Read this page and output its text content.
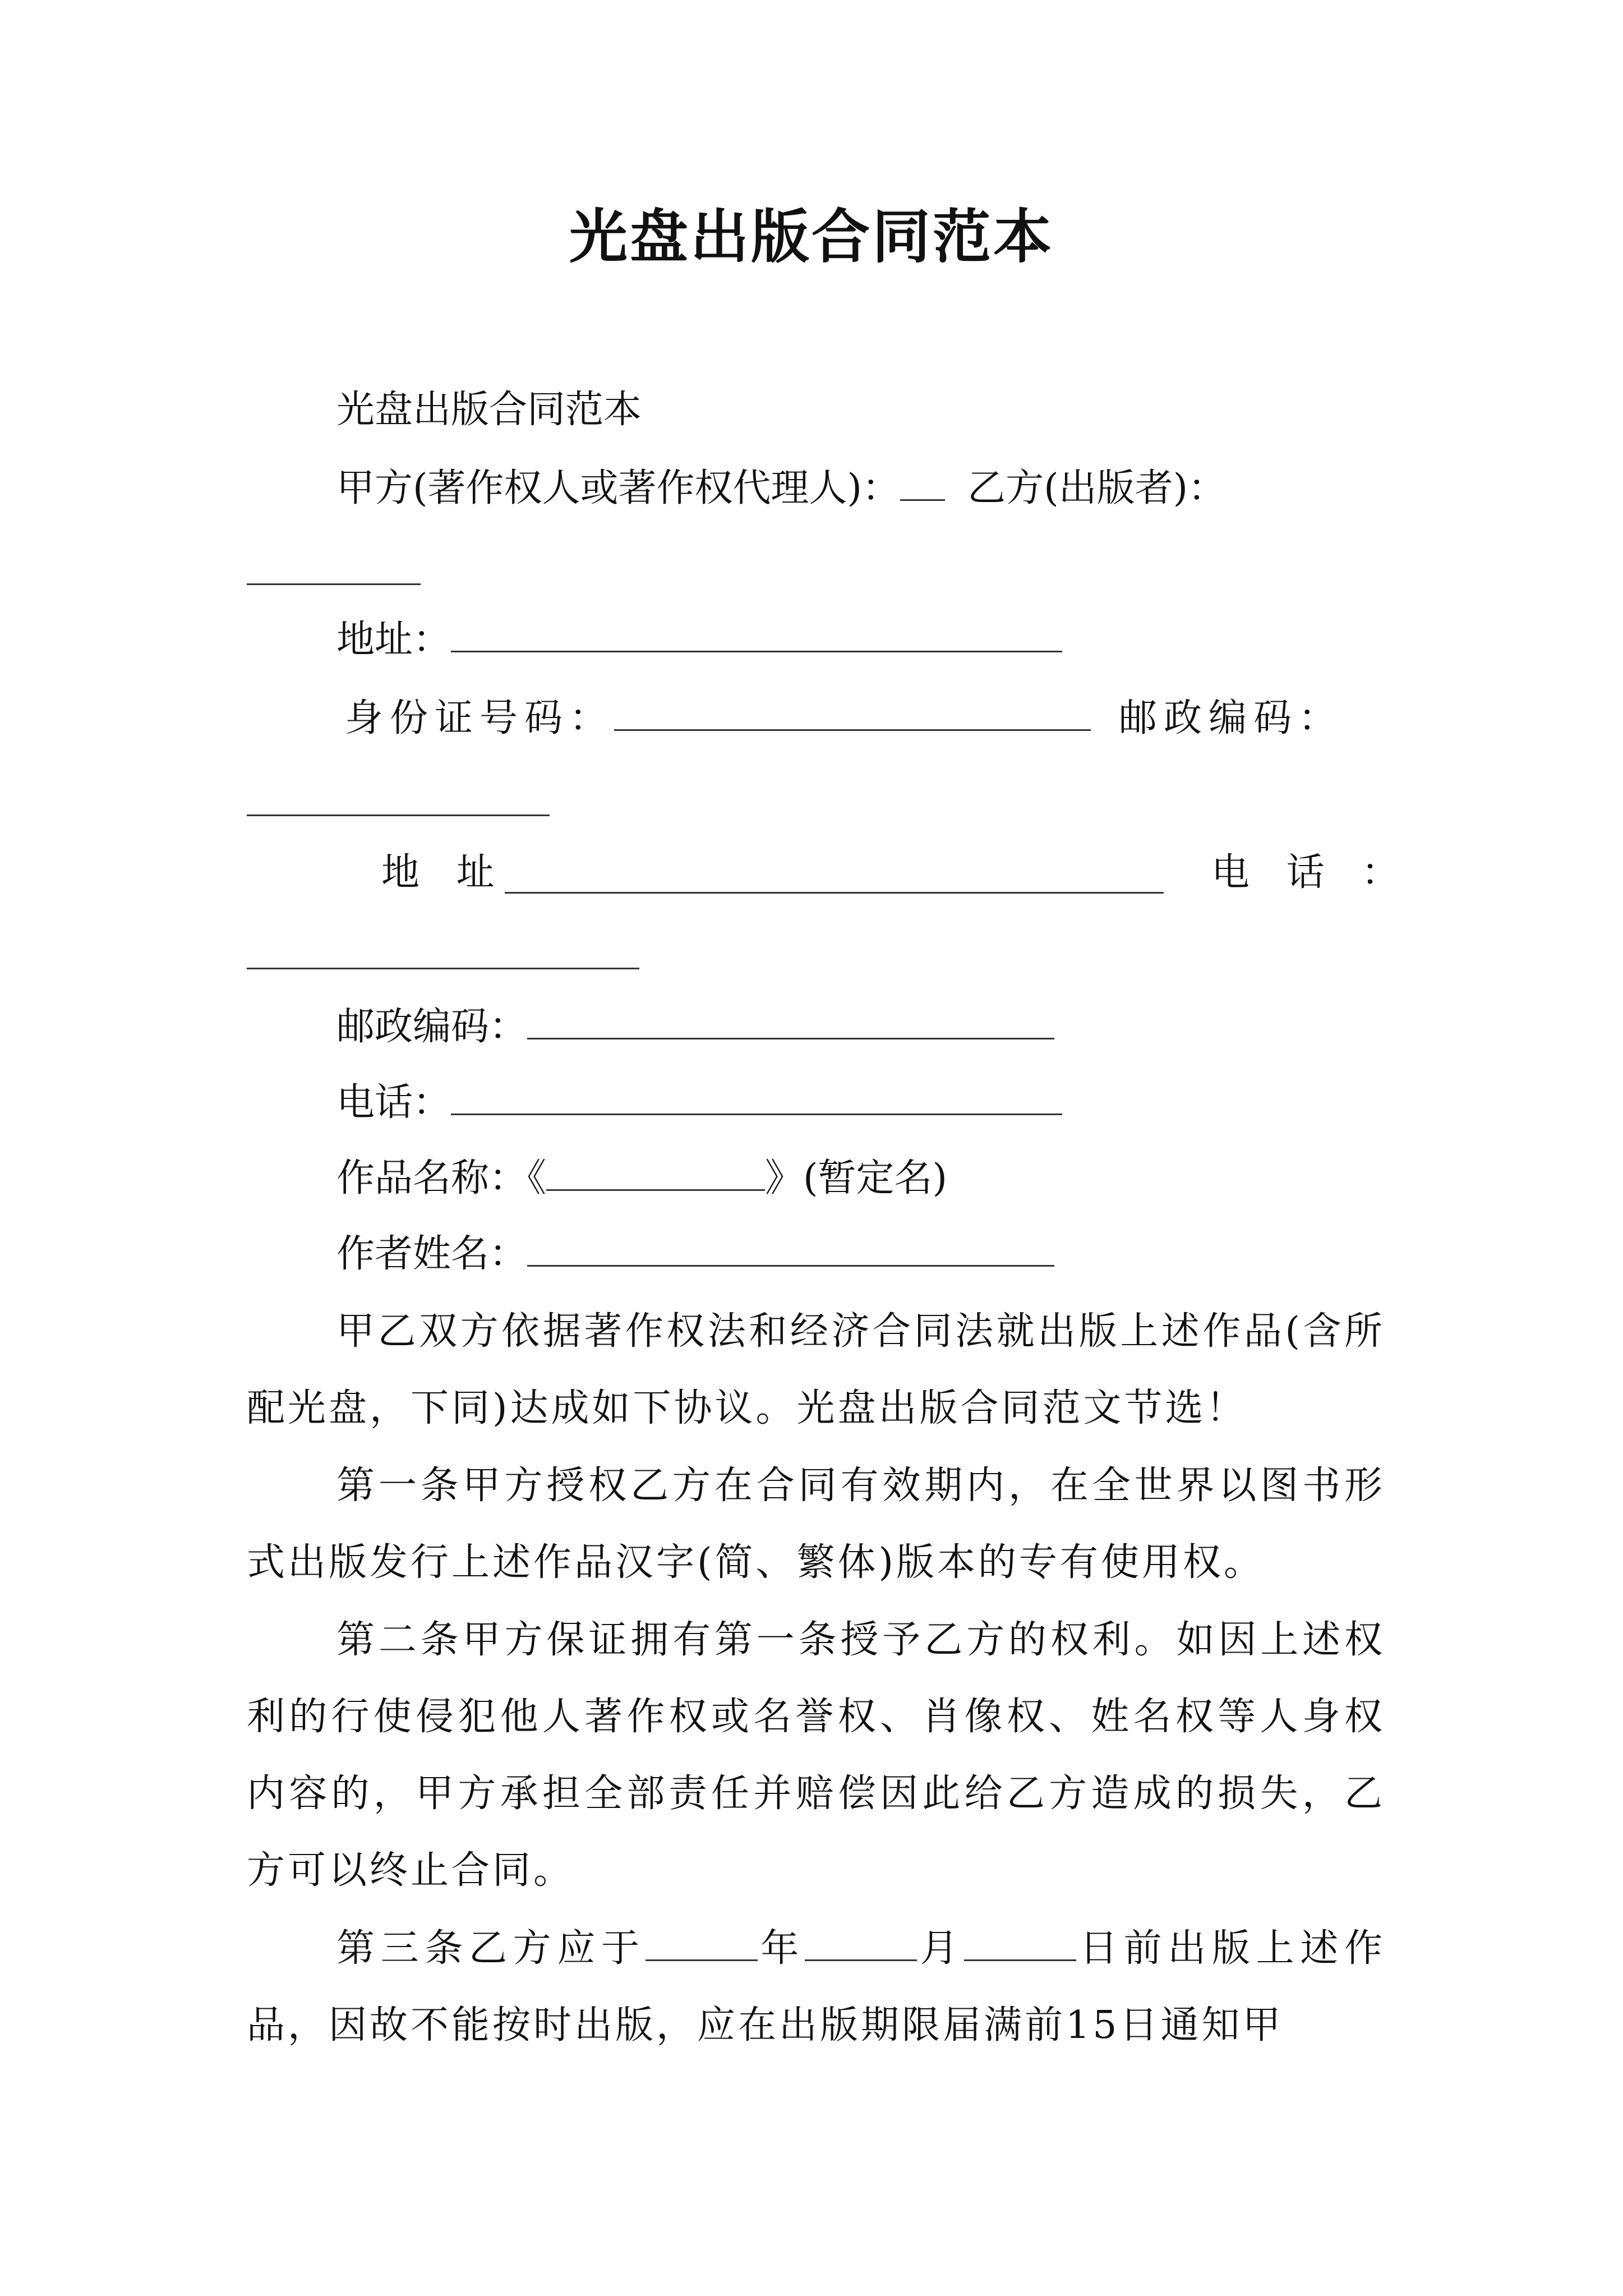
光盘出版合同范本
光盘出版合同范本
甲方(著作权人或著作权代理人)： 乙方(出版者)：
地址：
身份证号码：	邮政编码：
地 址	电 话 ：
邮政编码：
电话：
作品名称：《	》(暂定名)
作者姓名：
甲乙双方依据著作权法和经济合同法就出版上述作品(含所配光盘，下同)达成如下协议。光盘出版合同范文节选！
第一条甲方授权乙方在合同有效期内，在全世界以图书形式出版发行上述作品汉字(简、繁体)版本的专有使用权。
第二条甲方保证拥有第一条授予乙方的权利。如因上述权利的行使侵犯他人著作权或名誉权、肖像权、姓名权等人身权内容的，甲方承担全部责任并赔偿因此给乙方造成的损失，乙方可以终止合同。
第三条乙方应于	年	月	日前出版上述作品，因故不能按时出版，应在出版期限届满前15日通知甲
